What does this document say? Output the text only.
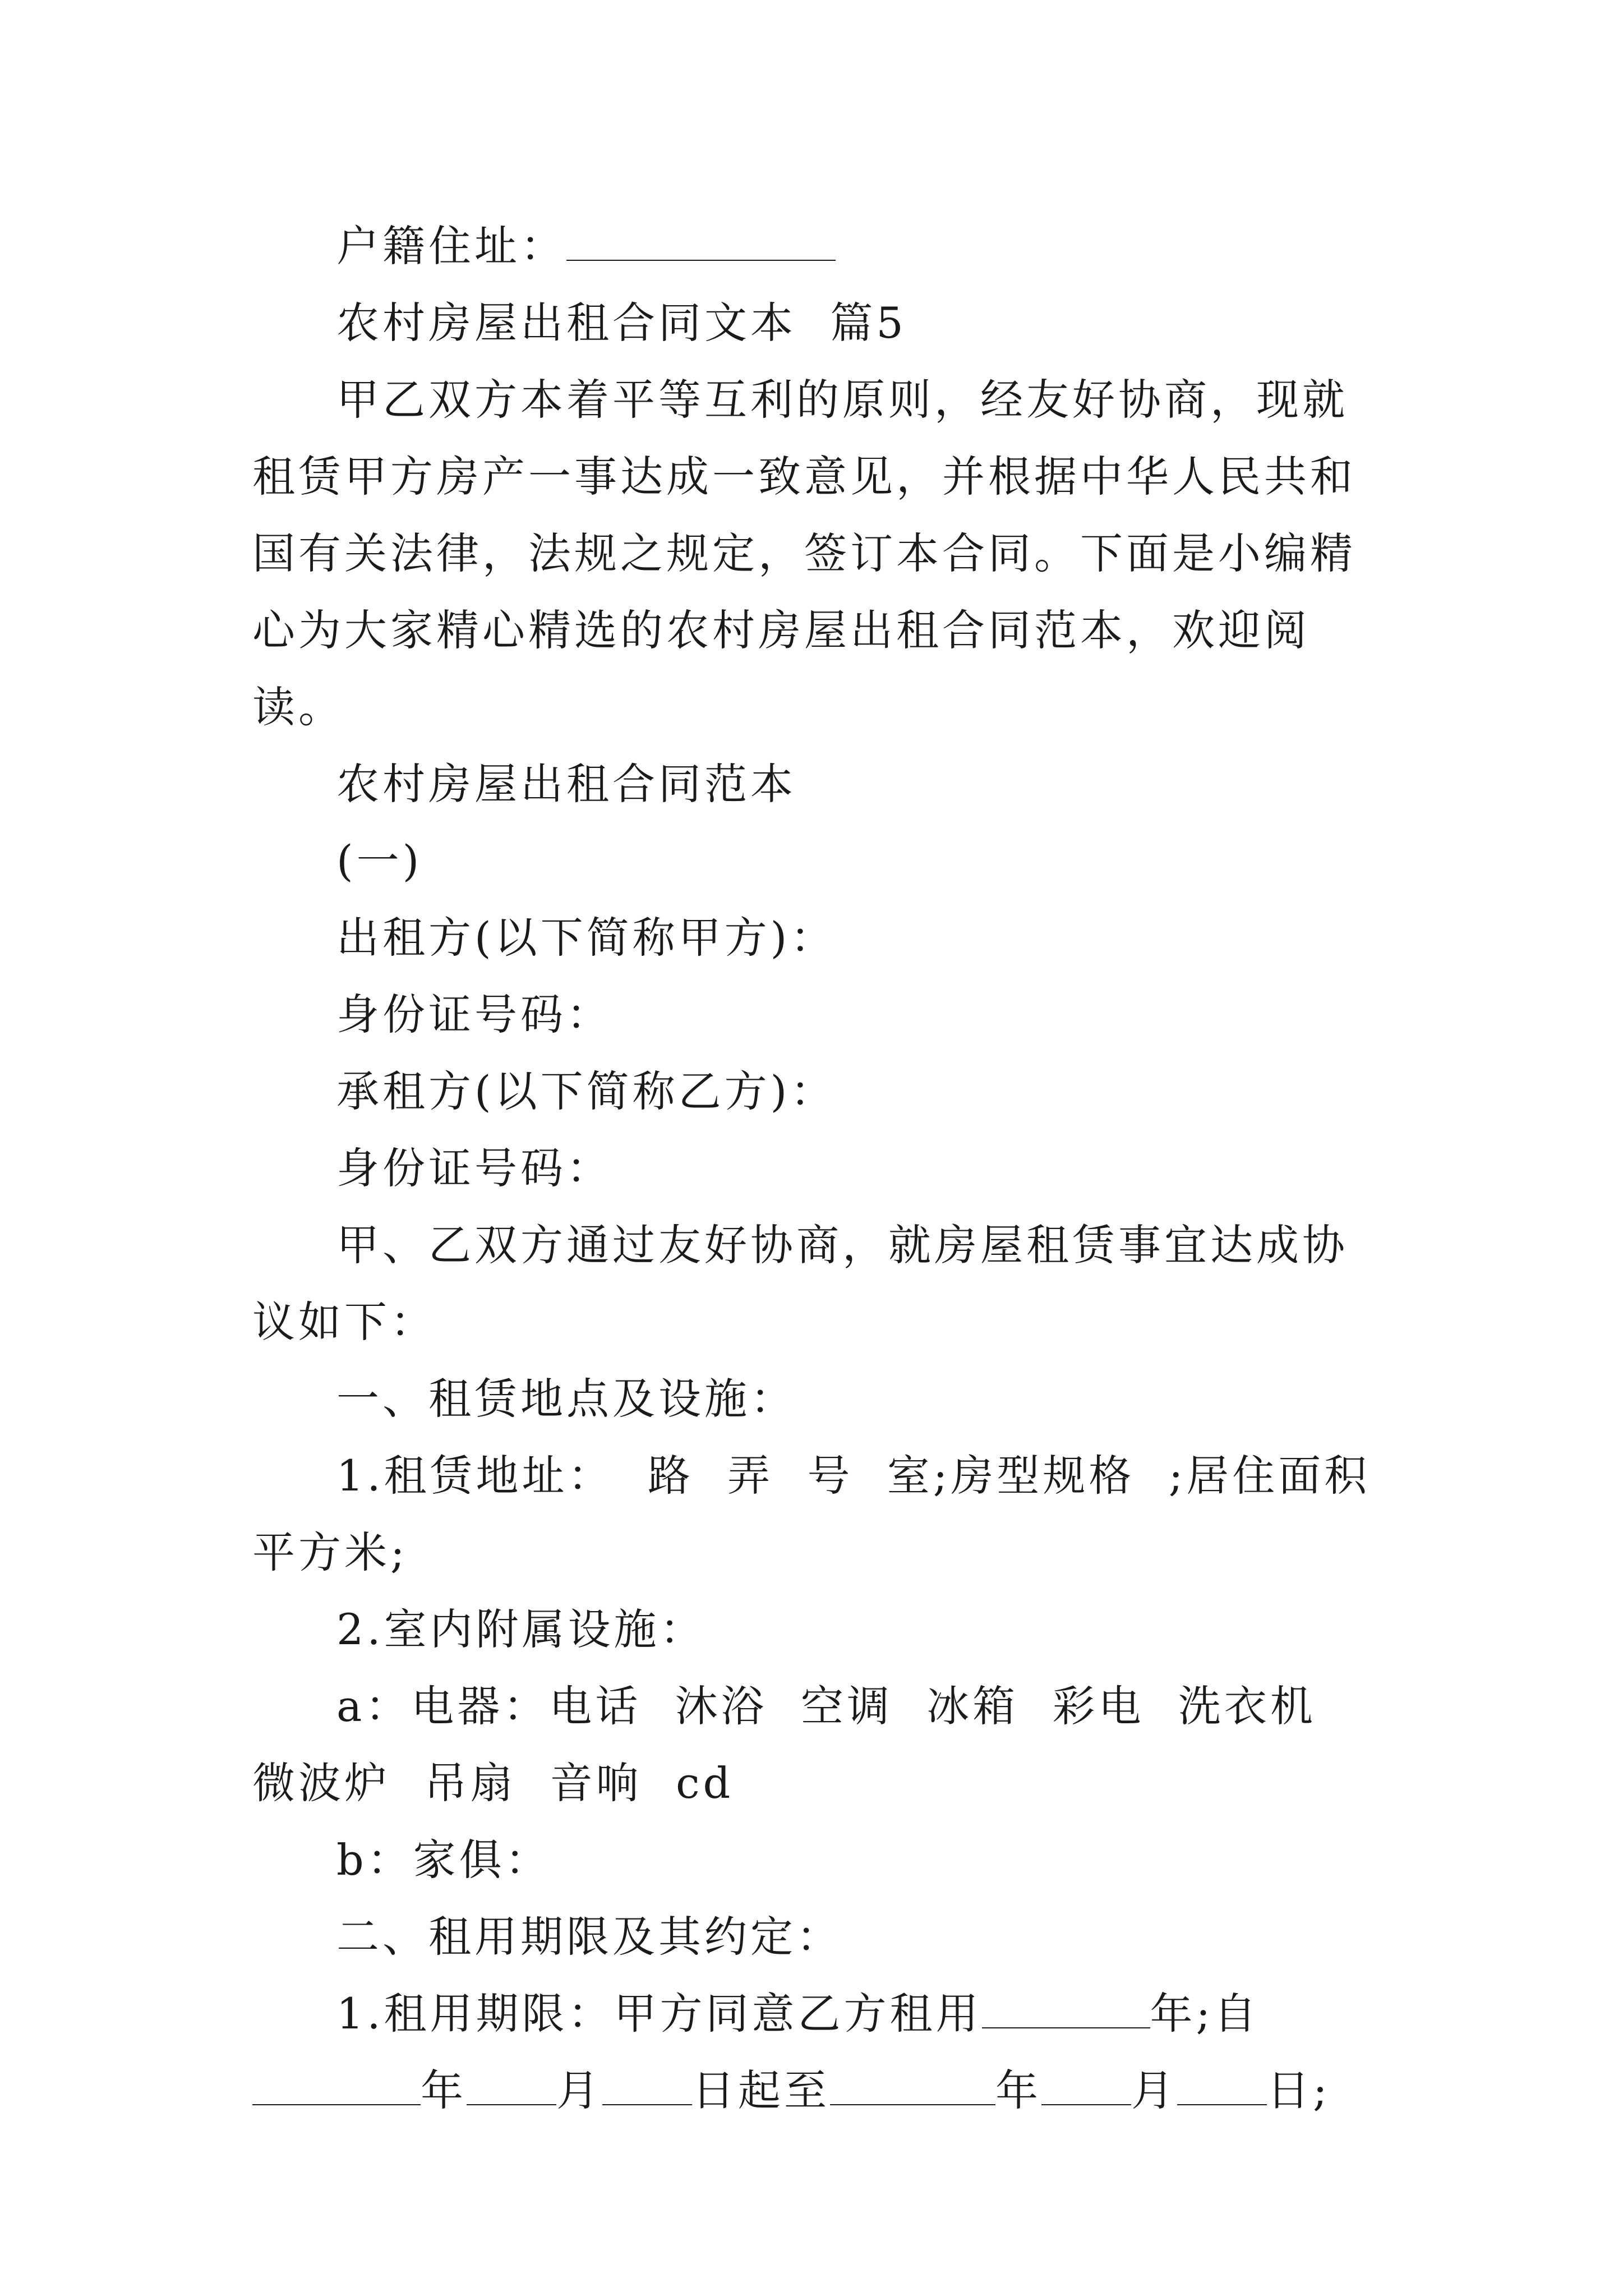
户籍住址：

农村房屋出租合同文本  篇5

甲乙双方本着平等互利的原则，经友好协商，现就租赁甲方房产一事达成一致意见，并根据中华人民共和国有关法律，法规之规定，签订本合同。下面是小编精心为大家精心精选的农村房屋出租合同范本，欢迎阅读。

农村房屋出租合同范本

(一)

出租方(以下简称甲方)：

身份证号码：

承租方(以下简称乙方)：

身份证号码：

甲、乙双方通过友好协商，就房屋租赁事宜达成协议如下：

一、租赁地点及设施：

1.租赁地址：  路  弄  号  室;房型规格  ;居住面积平方米;

2.室内附属设施：

a：电器：电话  沐浴  空调  冰箱  彩电  洗衣机  微波炉  吊扇  音响  cd

b：家俱：

二、租用期限及其约定：

1.租用期限：甲方同意乙方租用	年;自年 月 日起至	年 月 日;
